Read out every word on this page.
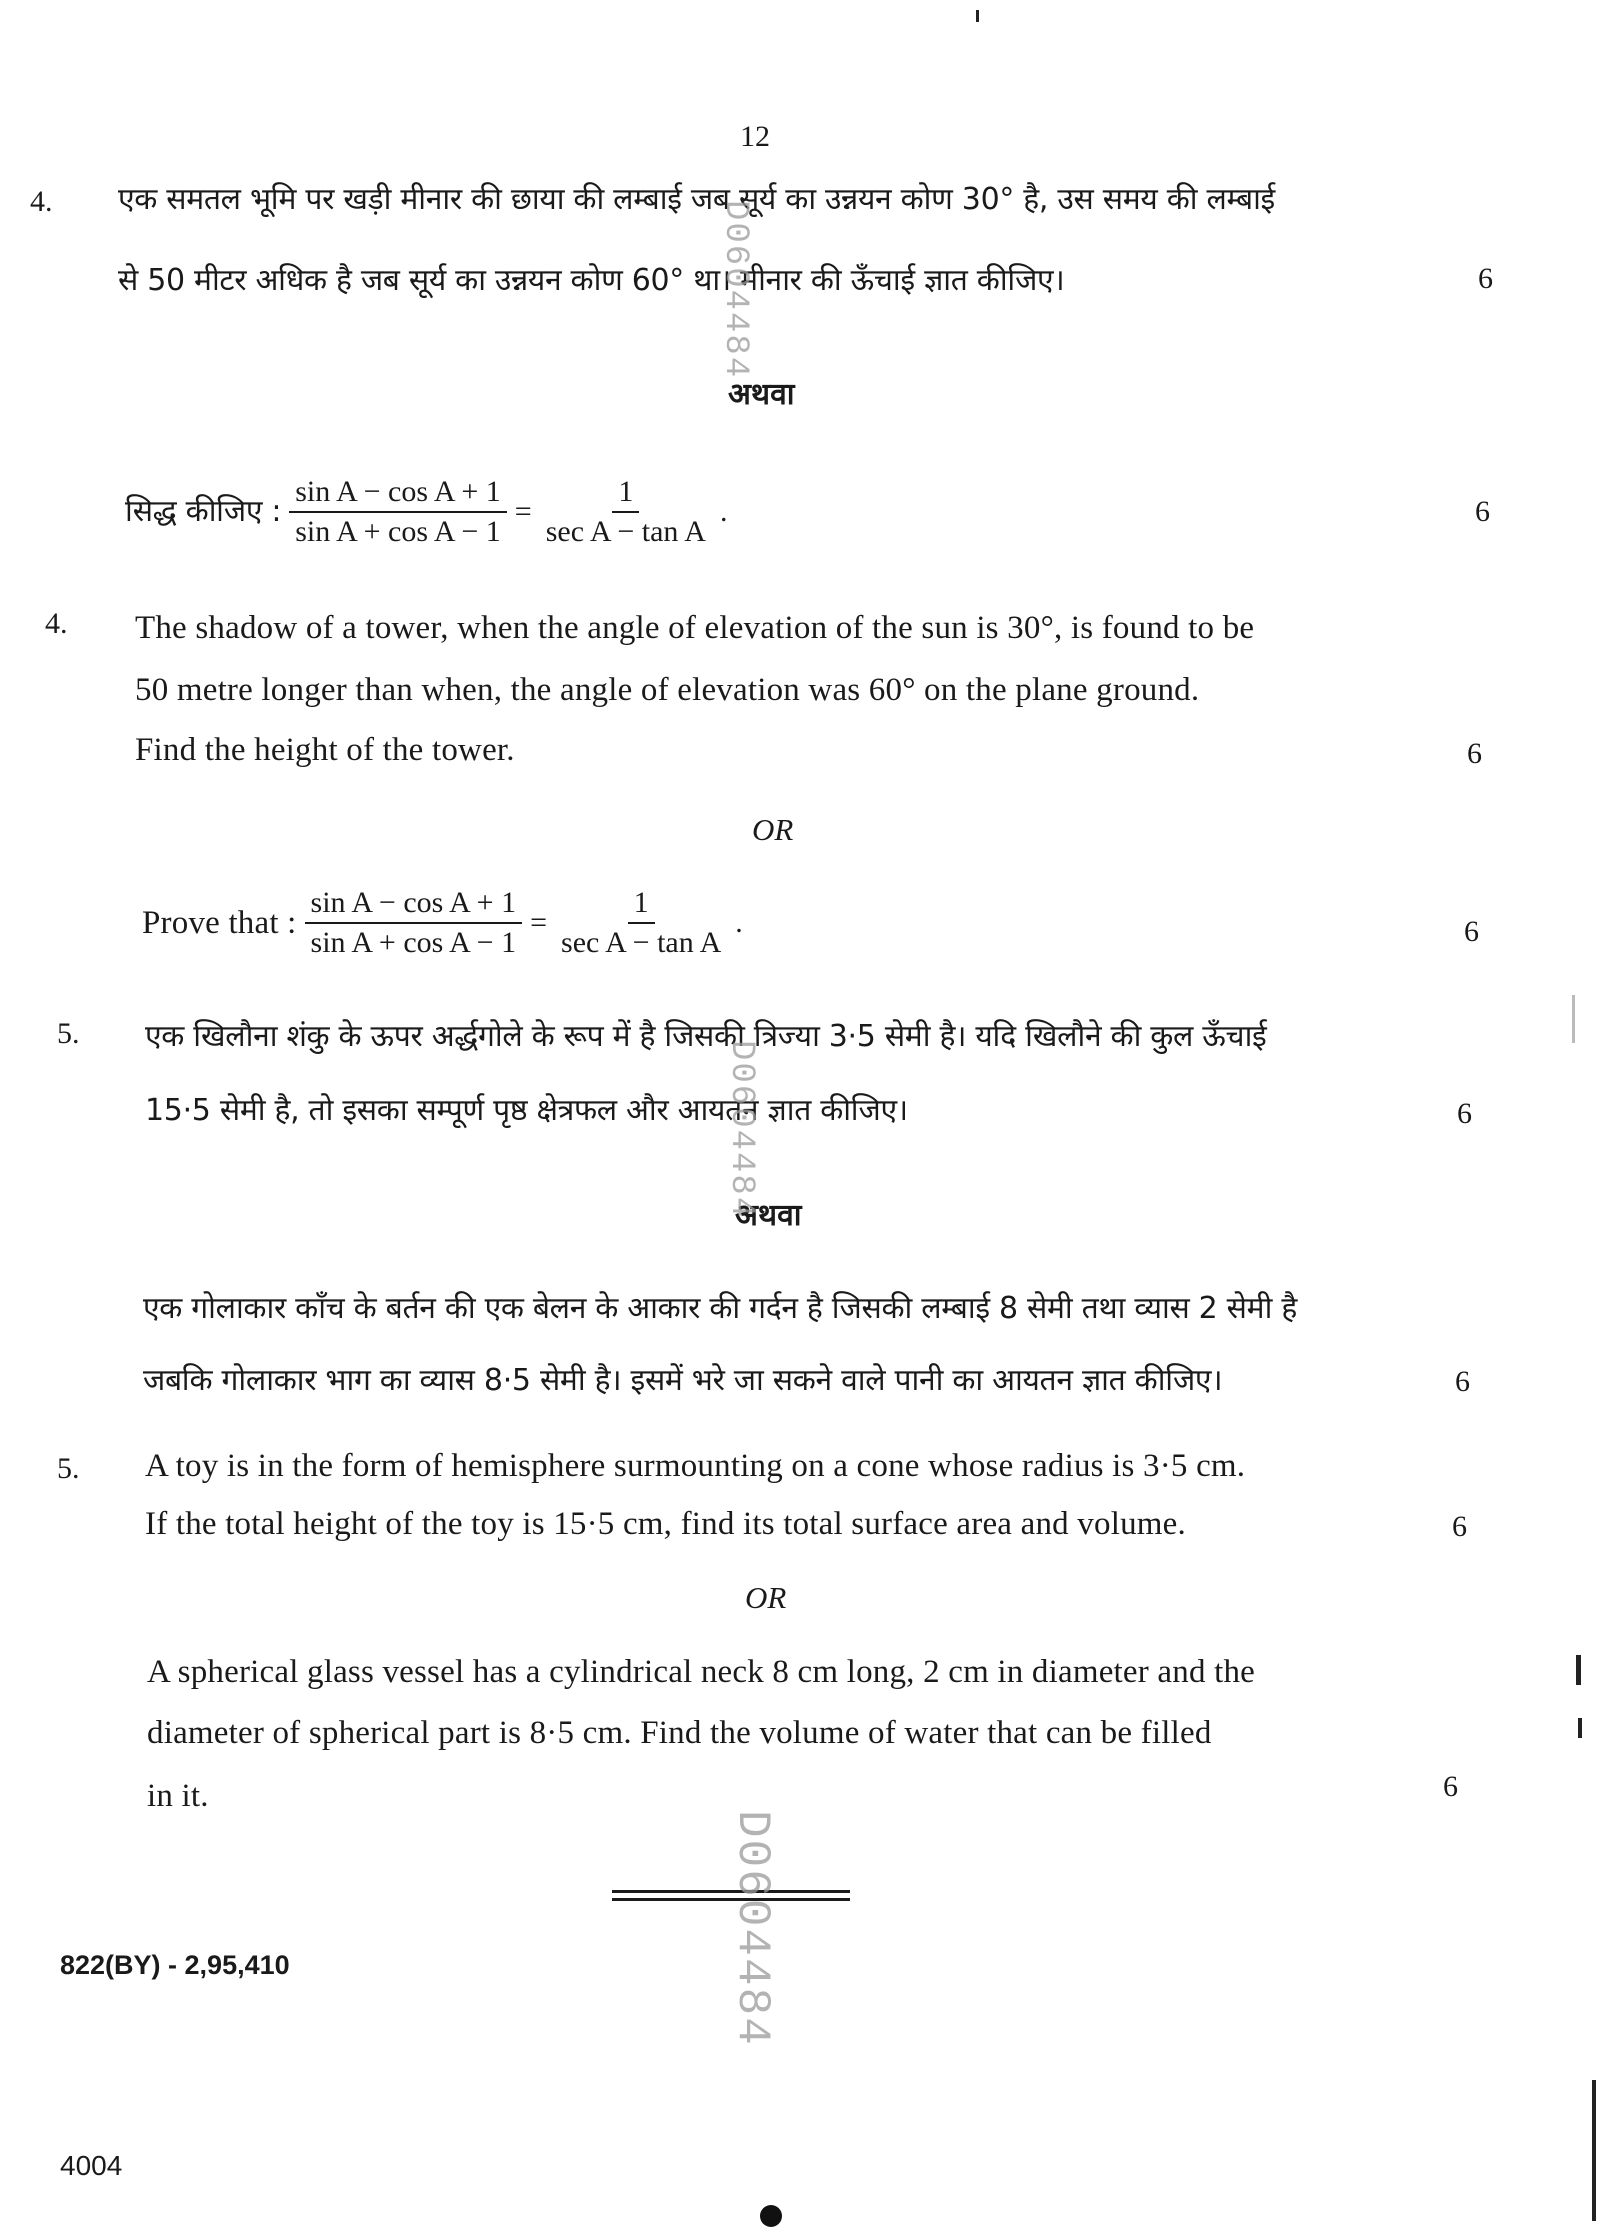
12
4. एक समतल भूमि पर खड़ी मीनार की छाया की लम्बाई जब सूर्य का उन्नयन कोण 30° है, उस समय की लम्बाई
से 50 मीटर अधिक है जब सूर्य का उन्नयन कोण 60° था। मीनार की ऊँचाई ज्ञात कीजिए।	6
अथवा
सिद्ध कीजिए : $\frac{\text{sin A − cos A + 1}}{\text{sin A + cos A − 1}} = \frac{1}{\text{sec A − tan A}}$ .	6
4. The shadow of a tower, when the angle of elevation of the sun is 30°, is found to be
50 metre longer than when, the angle of elevation was 60° on the plane ground.
Find the height of the tower.	6
OR
Prove that : $\frac{\text{sin A − cos A + 1}}{\text{sin A + cos A − 1}} = \frac{1}{\text{sec A − tan A}}$ .	6
5. एक खिलौना शंकु के ऊपर अर्द्धगोले के रूप में है जिसकी त्रिज्या 3·5 सेमी है। यदि खिलौने की कुल ऊँचाई
15·5 सेमी है, तो इसका सम्पूर्ण पृष्ठ क्षेत्रफल और आयतन ज्ञात कीजिए।	6
अथवा
एक गोलाकार काँच के बर्तन की एक बेलन के आकार की गर्दन है जिसकी लम्बाई 8 सेमी तथा व्यास 2 सेमी है
जबकि गोलाकार भाग का व्यास 8·5 सेमी है। इसमें भरे जा सकने वाले पानी का आयतन ज्ञात कीजिए।	6
5. A toy is in the form of hemisphere surmounting on a cone whose radius is 3·5 cm.
If the total height of the toy is 15·5 cm, find its total surface area and volume.	6
OR
A spherical glass vessel has a cylindrical neck 8 cm long, 2 cm in diameter and the
diameter of spherical part is 8·5 cm. Find the volume of water that can be filled
in it.	6
D0604484
D0604484
D0604484
822(BY) - 2,95,410
4004
